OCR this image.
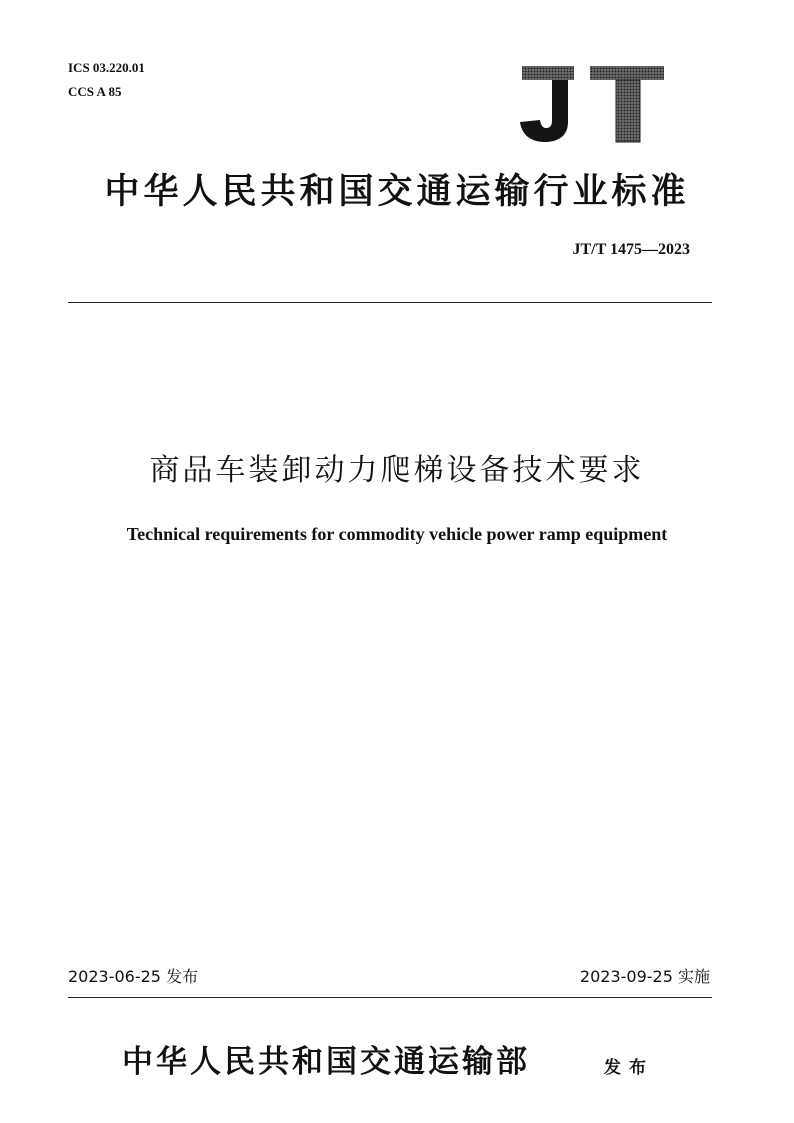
ICS 03.220.01
CCS A 85
中华人民共和国交通运输行业标准
JT/T 1475—2023
商品车装卸动力爬梯设备技术要求
Technical requirements for commodity vehicle power ramp equipment
2023-06-25 发布	2023-09-25 实施
中华人民共和国交通运输部	发布
